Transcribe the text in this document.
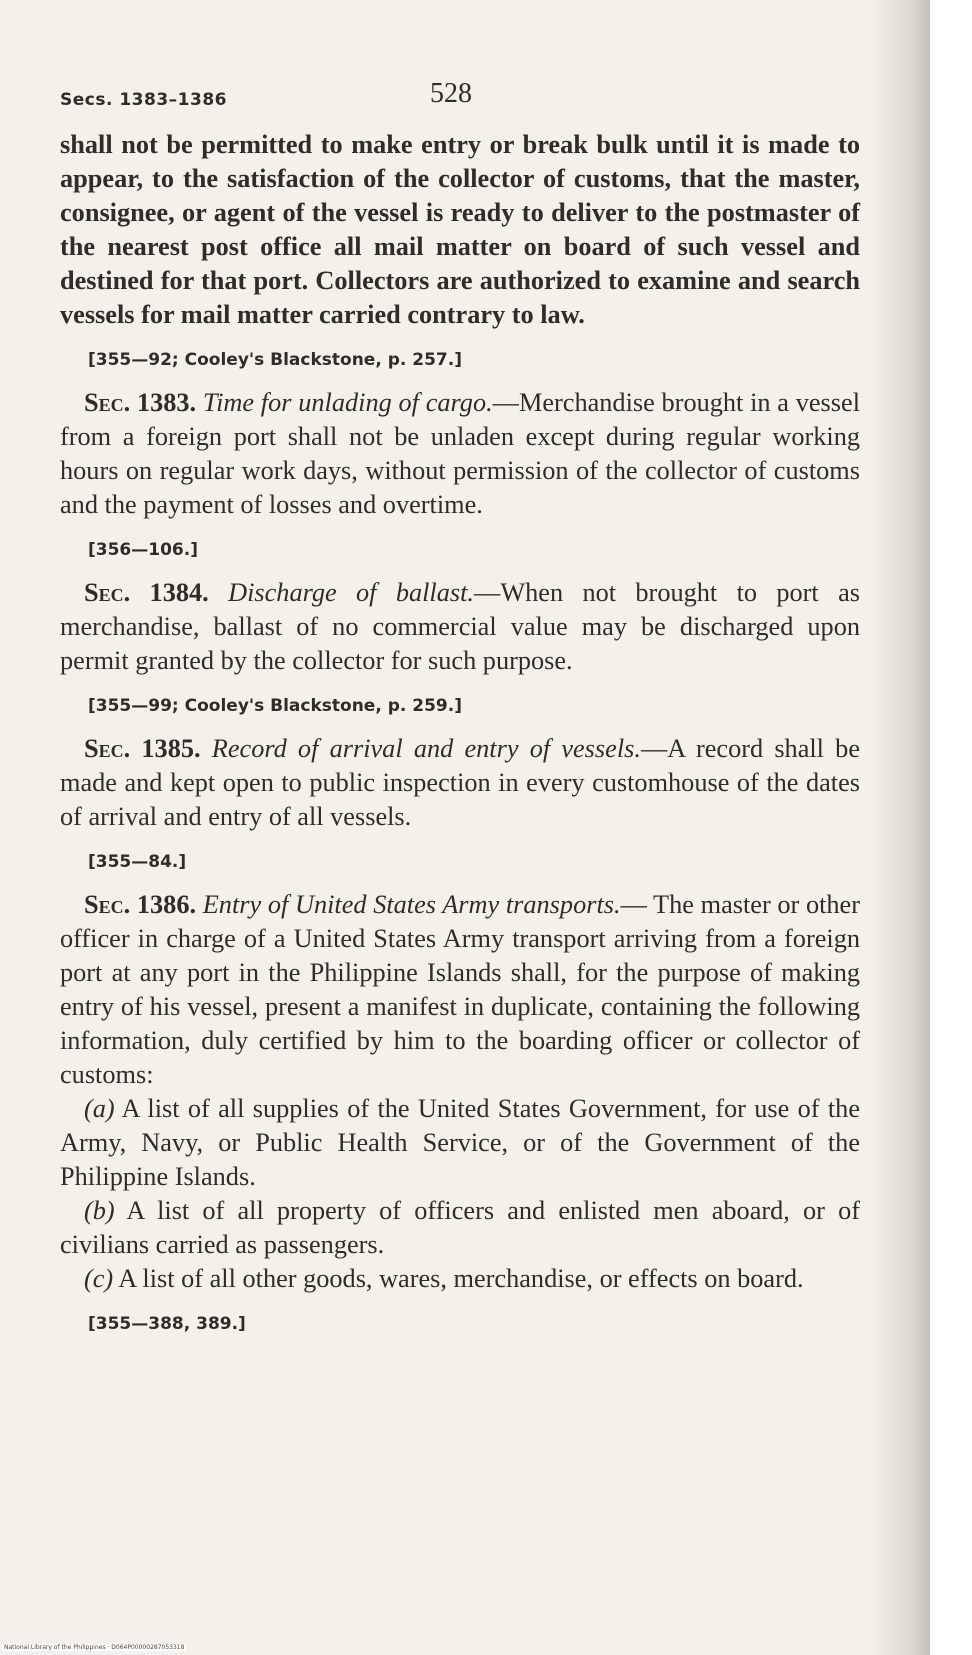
Secs. 1383–1386	528

shall not be permitted to make entry or break bulk until it is made to appear, to the satisfaction of the collector of customs, that the master, consignee, or agent of the vessel is ready to deliver to the postmaster of the nearest post office all mail matter on board of such vessel and destined for that port. Collectors are authorized to examine and search vessels for mail matter carried contrary to law.

[355—92; Cooley's Blackstone, p. 257.]

Sec. 1383. Time for unlading of cargo.—Merchandise brought in a vessel from a foreign port shall not be unladen except during regular working hours on regular work days, without permission of the collector of customs and the payment of losses and overtime.

[356—106.]

Sec. 1384. Discharge of ballast.—When not brought to port as merchandise, ballast of no commercial value may be discharged upon permit granted by the collector for such purpose.

[355—99; Cooley's Blackstone, p. 259.]

Sec. 1385. Record of arrival and entry of vessels.—A record shall be made and kept open to public inspection in every customhouse of the dates of arrival and entry of all vessels.

[355—84.]

Sec. 1386. Entry of United States Army transports.— The master or other officer in charge of a United States Army transport arriving from a foreign port at any port in the Philippine Islands shall, for the purpose of making entry of his vessel, present a manifest in duplicate, containing the following information, duly certified by him to the boarding officer or collector of customs:

(a) A list of all supplies of the United States Government, for use of the Army, Navy, or Public Health Service, or of the Government of the Philippine Islands.

(b) A list of all property of officers and enlisted men aboard, or of civilians carried as passengers.

(c) A list of all other goods, wares, merchandise, or effects on board.

[355—388, 389.]
National Library of the Philippines · D064P00000287053318
